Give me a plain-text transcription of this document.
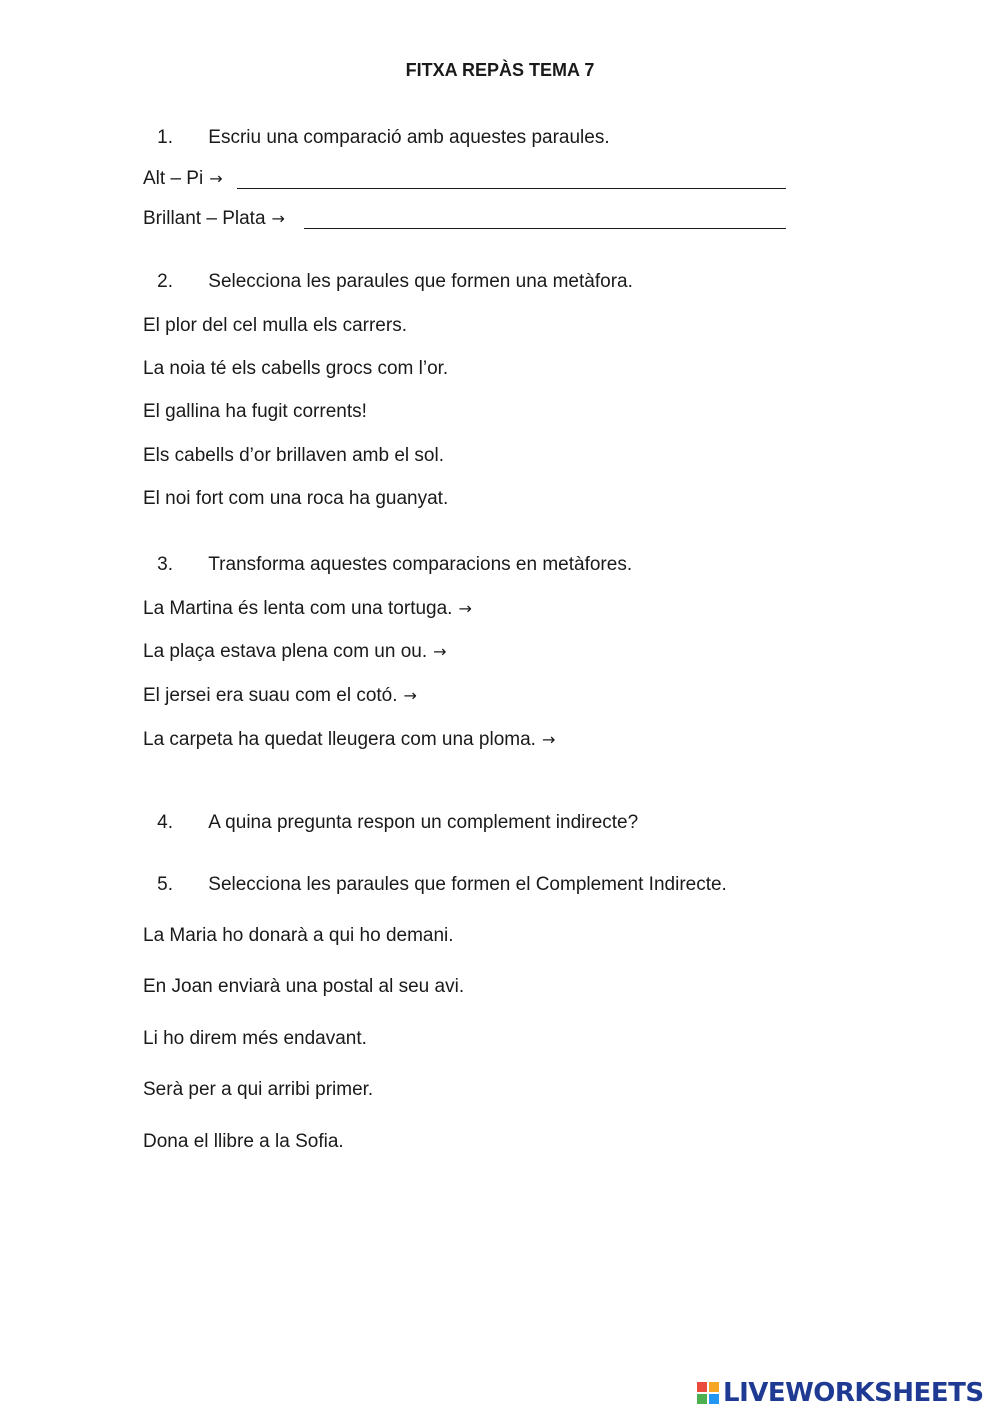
FITXA REPÀS TEMA 7
1. Escriu una comparació amb aquestes paraules.
Alt – Pi →
Brillant – Plata →
2. Selecciona les paraules que formen una metàfora.
El plor del cel mulla els carrers.
La noia té els cabells grocs com l’or.
El gallina ha fugit corrents!
Els cabells d’or brillaven amb el sol.
El noi fort com una roca ha guanyat.
3. Transforma aquestes comparacions en metàfores.
La Martina és lenta com una tortuga. →
La plaça estava plena com un ou. →
El jersei era suau com el cotó. →
La carpeta ha quedat lleugera com una ploma. →
4. A quina pregunta respon un complement indirecte?
5. Selecciona les paraules que formen el Complement Indirecte.
La Maria ho donarà a qui ho demani.
En Joan enviarà una postal al seu avi.
Li ho direm més endavant.
Serà per a qui arribi primer.
Dona el llibre a la Sofia.
LIVEWORKSHEETS
